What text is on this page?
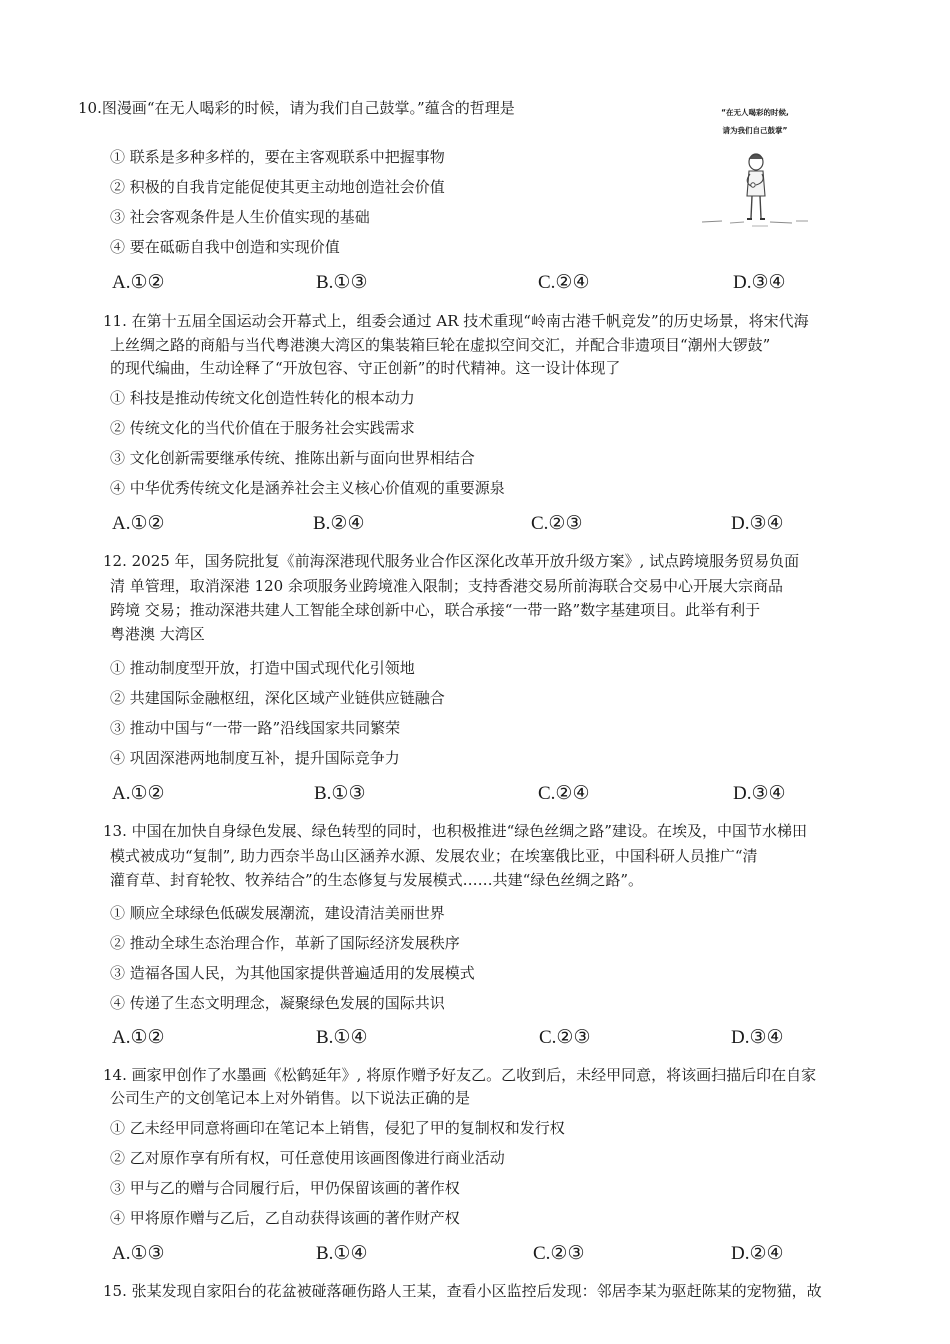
10.图漫画“在无人喝彩的时候，请为我们自己鼓掌。”蕴含的哲理是
① 联系是多种多样的，要在主客观联系中把握事物
② 积极的自我肯定能促使其更主动地创造社会价值
③ 社会客观条件是人生价值实现的基础
④ 要在砥砺自我中创造和实现价值
A.①②	B.①③	C.②④	D.③④
“在无人喝彩的时候,
请为我们自己鼓掌”
11. 在第十五届全国运动会开幕式上，组委会通过 AR 技术重现“岭南古港千帆竞发”的历史场景，将宋代海
上丝绸之路的商船与当代粤港澳大湾区的集装箱巨轮在虚拟空间交汇，并配合非遗项目“潮州大锣鼓”
的现代编曲，生动诠释了“开放包容、守正创新”的时代精神。这一设计体现了
① 科技是推动传统文化创造性转化的根本动力
② 传统文化的当代价值在于服务社会实践需求
③ 文化创新需要继承传统、推陈出新与面向世界相结合
④ 中华优秀传统文化是涵养社会主义核心价值观的重要源泉
A.①②	B.②④	C.②③	D.③④
12. 2025 年，国务院批复《前海深港现代服务业合作区深化改革开放升级方案》, 试点跨境服务贸易负面
清 单管理，取消深港 120 余项服务业跨境准入限制；支持香港交易所前海联合交易中心开展大宗商品
跨境 交易；推动深港共建人工智能全球创新中心，联合承接“一带一路”数字基建项目。此举有利于
粤港澳 大湾区
① 推动制度型开放，打造中国式现代化引领地
② 共建国际金融枢纽，深化区域产业链供应链融合
③ 推动中国与“一带一路”沿线国家共同繁荣
④ 巩固深港两地制度互补，提升国际竞争力
A.①②	B.①③	C.②④	D.③④
13. 中国在加快自身绿色发展、绿色转型的同时，也积极推进“绿色丝绸之路”建设。在埃及，中国节水梯田
模式被成功“复制”, 助力西奈半岛山区涵养水源、发展农业；在埃塞俄比亚，中国科研人员推广“清
灌育草、封育轮牧、牧养结合”的生态修复与发展模式……共建“绿色丝绸之路”。
① 顺应全球绿色低碳发展潮流，建设清洁美丽世界
② 推动全球生态治理合作，革新了国际经济发展秩序
③ 造福各国人民，为其他国家提供普遍适用的发展模式
④ 传递了生态文明理念，凝聚绿色发展的国际共识
A.①②	B.①④	C.②③	D.③④
14. 画家甲创作了水墨画《松鹤延年》, 将原作赠予好友乙。乙收到后，未经甲同意，将该画扫描后印在自家
公司生产的文创笔记本上对外销售。以下说法正确的是
① 乙未经甲同意将画印在笔记本上销售，侵犯了甲的复制权和发行权
② 乙对原作享有所有权，可任意使用该画图像进行商业活动
③ 甲与乙的赠与合同履行后，甲仍保留该画的著作权
④ 甲将原作赠与乙后，乙自动获得该画的著作财产权
A.①③	B.①④	C.②③	D.②④
15. 张某发现自家阳台的花盆被碰落砸伤路人王某，查看小区监控后发现：邻居李某为驱赶陈某的宠物猫，故
